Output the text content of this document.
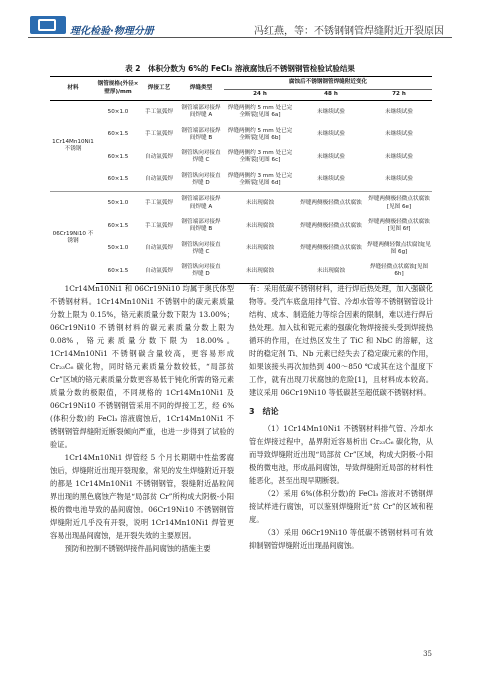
理化检验·物理分册	冯红燕，等：不锈钢钢管焊缝附近开裂原因
表 2　体积分数为 6%的 FeCl₃ 溶液腐蚀后不锈钢钢管检验试验结果
材料	钢管规格(外径×壁厚)/mm	焊接工艺	焊缝类型	腐蚀后不锈钢钢管焊缝附近变化		
				24 h	48 h	72 h
1Cr14Mn10Ni1 不锈钢	50×1.0	手工氩弧焊	钢管端部对接焊间焊缝 A	焊缝两侧约 5 mm 处已完全断裂[见图 6a]	未继续试验	未继续试验
	60×1.5	手工氩弧焊	钢管端部对接焊间焊缝 B	焊缝两侧约 5 mm 处已完全断裂[见图 6b]	未继续试验	未继续试验
	60×1.5	自动氩弧焊	钢管纵向对接直焊缝 C	焊缝两侧约 3 mm 处已完全断裂[见图 6c]	未继续试验	未继续试验
	60×1.5	自动氩弧焊	钢管纵向对接直焊缝 D	焊缝两侧约 3 mm 处已完全断裂[见图 6d]	未继续试验	未继续试验
06Cr19Ni10 不锈钢	50×1.0	手工氩弧焊	钢管端部对接焊间焊缝 A	未出现腐蚀	焊缝两侧极轻微点状腐蚀	焊缝两侧极轻微点状腐蚀[见图 6e]
	60×1.5	手工氩弧焊	钢管端部对接焊间焊缝 B	未出现腐蚀	焊缝两侧极轻微点状腐蚀	焊缝两侧极轻微点状腐蚀[见图 6f]
	50×1.0	自动氩弧焊	钢管纵向对接直焊缝 C	未出现腐蚀	焊缝两侧极轻微点状腐蚀	焊缝两侧轻微点状腐蚀[见图 6g]
	60×1.5	自动氩弧焊	钢管纵向对接直焊缝 D	未出现腐蚀	未出现腐蚀	焊缝轻微点状腐蚀[见图 6h]

1Cr14Mn10Ni1 和 06Cr19Ni10 均属于奥氏体型不锈钢材料。1Cr14Mn10Ni1 不锈钢中的碳元素质量分数上限为 0.15%，铬元素质量分数下限为 13.00%；06Cr19Ni10 不锈钢材料的碳元素质量分数上限为 0.08%，铬元素质量分数下限为 18.00%。1Cr14Mn10Ni1 不锈钢碳含量较高，更容易形成 Cr₂₃C₆ 碳化物，同时铬元素质量分数较低，“局部贫 Cr”区域的铬元素质量分数更容易低于钝化所需的铬元素质量分数的极限值，不同规格的 1Cr14Mn10Ni1 及 06Cr19Ni10 不锈钢钢管采用不同的焊接工艺，经 6%(体积分数)的 FeCl₃ 溶液腐蚀后，1Cr14Mn10Ni1 不锈钢钢管焊缝附近断裂倾向严重，也进一步得到了试验的验证。

1Cr14Mn10Ni1 焊管经 5 个月长期期中性盐雾腐蚀后，焊缝附近出现开裂现象，常见的发生焊缝附近开裂的都是 1Cr14Mn10Ni1 不锈钢钢管，裂缝附近晶粒间界出现的黑色腐蚀产物是“局部贫 Cr”所构成大阴极-小阳极的微电池导致的晶间腐蚀。06Cr19Ni10 不锈钢钢管焊缝附近几乎没有开裂，说明 1Cr14Mn10Ni1 焊管更容易出现晶间腐蚀，是开裂失效的主要原因。

预防和控制不锈钢焊接件晶间腐蚀的措施主要

有：采用低碳不锈钢材料，进行焊后热处理，加入强碳化物等。受汽车底盘用排气管、冷却水管等不锈钢钢管设计结构、成本、制造能力等综合因素的限制，难以进行焊后热处理。加入钛和铌元素的强碳化物焊接接头受到焊接热循环的作用，在过热区发生了 TiC 和 NbC 的溶解，这时的稳定剂 Ti、Nb 元素已经失去了稳定碳元素的作用，如果该接头再次加热到 400～850 ℃或其在这个温度下工作，就有出现刀状腐蚀的危险[1]，且材料成本较高。建议采用 06Cr19Ni10 等低碳甚至超低碳不锈钢材料。

3　结论

（1）1Cr14Mn10Ni1 不锈钢材料排气管、冷却水管在焊接过程中，晶界附近容易析出 Cr₂₃C₆ 碳化物，从而导致焊缝附近出现“局部贫 Cr”区域，构成大阴极-小阳极的微电池，形成晶间腐蚀，导致焊缝附近局部的材料性能恶化，甚至出现早期断裂。

（2）采用 6%(体积分数)的 FeCl₃ 溶液对不锈钢焊接试样进行腐蚀，可以鉴别焊缝附近“贫 Cr”的区域和程度。

（3）采用 06Cr19Ni10 等低碳不锈钢材料可有效抑制钢管焊缝附近出现晶间腐蚀。

35
